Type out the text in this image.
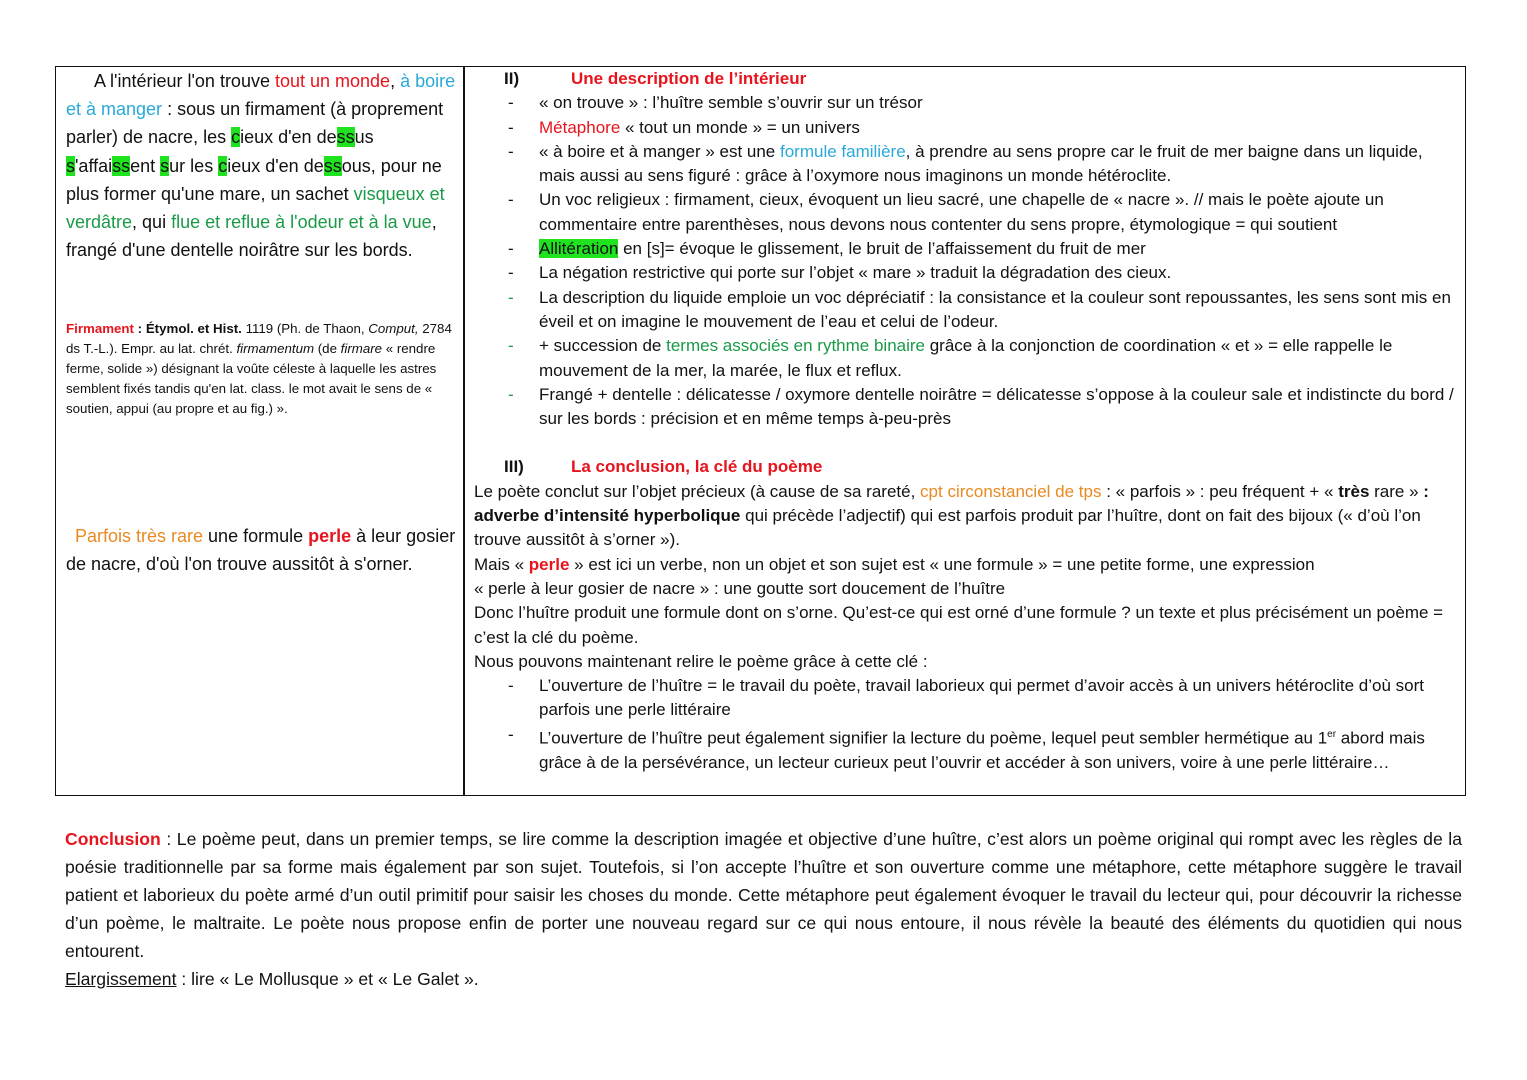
A l'intérieur l'on trouve tout un monde, à boire et à manger : sous un firmament (à proprement parler) de nacre, les cieux d'en dessus s'affaissent sur les cieux d'en dessous, pour ne plus former qu'une mare, un sachet visqueux et verdâtre, qui flue et reflue à l'odeur et à la vue, frangé d'une dentelle noirâtre sur les bords.
Firmament : Étymol. et Hist. 1119 (Ph. de Thaon, Comput, 2784 ds T.-L.). Empr. au lat. chrét. firmamentum (de firmare « rendre ferme, solide ») désignant la voûte céleste à laquelle les astres semblent fixés tandis qu'en lat. class. le mot avait le sens de « soutien, appui (au propre et au fig.) ».
Parfois très rare une formule perle à leur gosier de nacre, d'où l'on trouve aussitôt à s'orner.
II)	Une description de l’intérieur
-	« on trouve » : l’huître semble s’ouvrir sur un trésor
-	Métaphore « tout un monde » = un univers
-	« à boire et à manger » est une formule familière, à prendre au sens propre car le fruit de mer baigne dans un liquide, mais aussi au sens figuré : grâce à l’oxymore nous imaginons un monde hétéroclite.
-	Un voc religieux : firmament, cieux, évoquent un lieu sacré, une chapelle de « nacre ». // mais le poète ajoute un commentaire entre parenthèses, nous devons nous contenter du sens propre, étymologique = qui soutient
-	Allitération en [s]= évoque le glissement, le bruit de l’affaissement du fruit de mer
-	La négation restrictive qui porte sur l’objet « mare » traduit la dégradation des cieux.
-	La description du liquide emploie un voc dépréciatif : la consistance et la couleur sont repoussantes, les sens sont mis en éveil et on imagine le mouvement de l’eau et celui de l’odeur.
-	+ succession de termes associés en rythme binaire grâce à la conjonction de coordination « et » = elle rappelle le mouvement de la mer, la marée, le flux et reflux.
-	Frangé + dentelle : délicatesse / oxymore dentelle noirâtre = délicatesse s’oppose à la couleur sale et indistincte du bord / sur les bords : précision et en même temps à-peu-près
III)	La conclusion, la clé du poème
Le poète conclut sur l’objet précieux (à cause de sa rareté, cpt circonstanciel de tps : « parfois » : peu fréquent + « très rare » : adverbe d’intensité hyperbolique qui précède l’adjectif) qui est parfois produit par l’huître, dont on fait des bijoux (« d’où l’on trouve aussitôt à s’orner »).
Mais « perle » est ici un verbe, non un objet et son sujet est « une formule » = une petite forme, une expression
« perle à leur gosier de nacre » : une goutte sort doucement de l’huître
Donc l’huître produit une formule dont on s’orne. Qu’est-ce qui est orné d’une formule ? un texte et plus précisément un poème = c’est la clé du poème.
Nous pouvons maintenant relire le poème grâce à cette clé :
-	L’ouverture de l’huître = le travail du poète, travail laborieux qui permet d’avoir accès à un univers hétéroclite d’où sort parfois une perle littéraire
-	L’ouverture de l’huître peut également signifier la lecture du poème, lequel peut sembler hermétique au 1er abord mais grâce à de la persévérance, un lecteur curieux peut l’ouvrir et accéder à son univers, voire à une perle littéraire…
Conclusion : Le poème peut, dans un premier temps, se lire comme la description imagée et objective d’une huître, c’est alors un poème original qui rompt avec les règles de la poésie traditionnelle par sa forme mais également par son sujet. Toutefois, si l’on accepte l’huître et son ouverture comme une métaphore, cette métaphore suggère le travail patient et laborieux du poète armé d’un outil primitif pour saisir les choses du monde. Cette métaphore peut également évoquer le travail du lecteur qui, pour découvrir la richesse d’un poème, le maltraite. Le poète nous propose enfin de porter une nouveau regard sur ce qui nous entoure, il nous révèle la beauté des éléments du quotidien qui nous entourent.
Elargissement : lire « Le Mollusque » et « Le Galet ».
